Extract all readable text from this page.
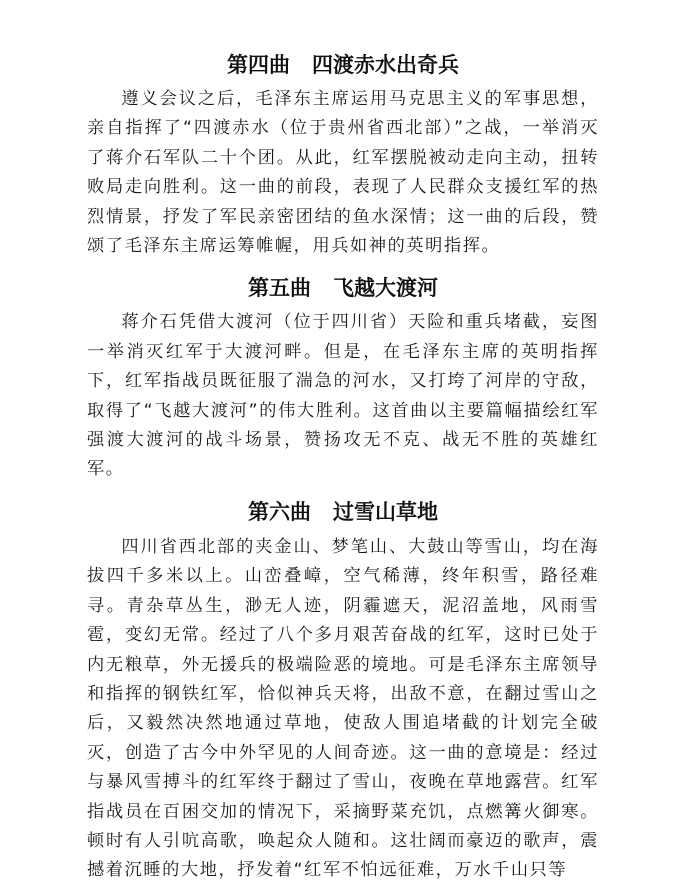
第四曲 四渡赤水出奇兵

遵义会议之后，毛泽东主席运用马克思主义的军事思想，亲自指挥了“四渡赤水（位于贵州省西北部）”之战，一举消灭了蒋介石军队二十个团。从此，红军摆脱被动走向主动，扭转败局走向胜利。这一曲的前段，表现了人民群众支援红军的热烈情景，抒发了军民亲密团结的鱼水深情；这一曲的后段，赞颂了毛泽东主席运筹帷幄，用兵如神的英明指挥。

第五曲 飞越大渡河

蒋介石凭借大渡河（位于四川省）天险和重兵堵截，妄图一举消灭红军于大渡河畔。但是，在毛泽东主席的英明指挥下，红军指战员既征服了湍急的河水，又打垮了河岸的守敌，取得了“飞越大渡河”的伟大胜利。这首曲以主要篇幅描绘红军强渡大渡河的战斗场景，赞扬攻无不克、战无不胜的英雄红军。

第六曲 过雪山草地

四川省西北部的夹金山、梦笔山、大鼓山等雪山，均在海拔四千多米以上。山峦叠嶂，空气稀薄，终年积雪，路径难寻。青杂草丛生，渺无人迹，阴霾遮天，泥沼盖地，风雨雪雹，变幻无常。经过了八个多月艰苦奋战的红军，这时已处于内无粮草，外无援兵的极端险恶的境地。可是毛泽东主席领导和指挥的钢铁红军，恰似神兵天将，出敌不意，在翻过雪山之后，又毅然决然地通过草地，使敌人围追堵截的计划完全破灭，创造了古今中外罕见的人间奇迹。这一曲的意境是：经过与暴风雪搏斗的红军终于翻过了雪山，夜晚在草地露营。红军指战员在百困交加的情况下，采摘野菜充饥，点燃篝火御寒。顿时有人引吭高歌，唤起众人随和。这壮阔而豪迈的歌声，震撼着沉睡的大地，抒发着“红军不怕远征难，万水千山只等
